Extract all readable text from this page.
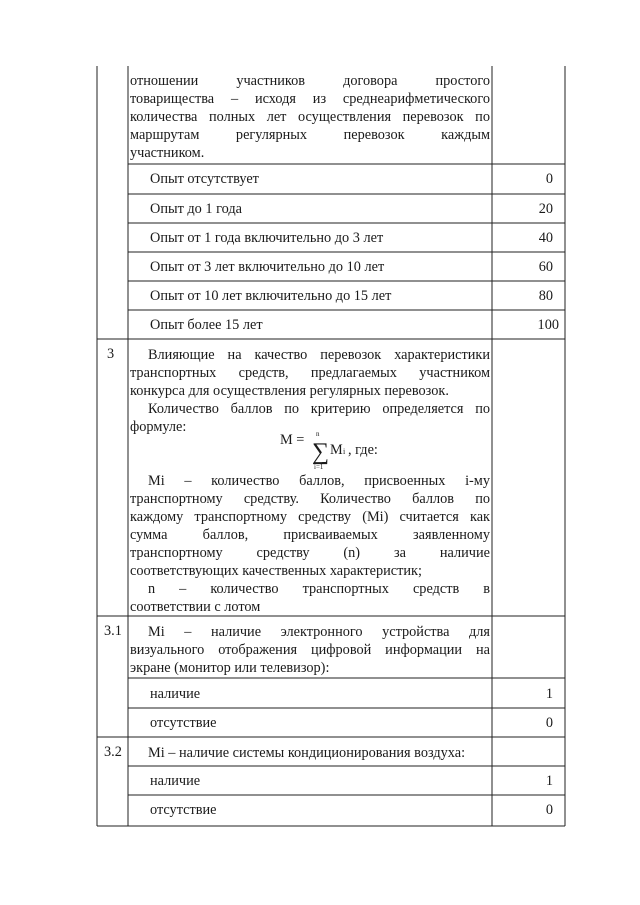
отношении участников договора простого
товарищества – исходя из среднеарифметического
количества полных лет осуществления перевозок по
маршрутам регулярных перевозок каждым
участником.
Опыт отсутствует	0
Опыт до 1 года	20
Опыт от 1 года включительно до 3 лет	40
Опыт от 3 лет включительно до 10 лет	60
Опыт от 10 лет включительно до 15 лет	80
Опыт более 15 лет	100
3	Влияющие на качество перевозок характеристики
транспортных средств, предлагаемых участником
конкурса для осуществления регулярных перевозок.
Количество баллов по критерию определяется по
формуле:
M = n
∑
i=1
M i , где:
Mi – количество баллов, присвоенных i-му
транспортному средству. Количество баллов по
каждому транспортному средству (Mi) считается как
сумма баллов, присваиваемых заявленному
транспортному средству (n) за наличие
соответствующих качественных характеристик;
n – количество транспортных средств в
соответствии с лотом
3.1	Mi – наличие электронного устройства для
визуального отображения цифровой информации на
экране (монитор или телевизор):
наличие	1
отсутствие	0
3.2 Mi – наличие системы кондиционирования воздуха:
наличие	1
отсутствие	0
